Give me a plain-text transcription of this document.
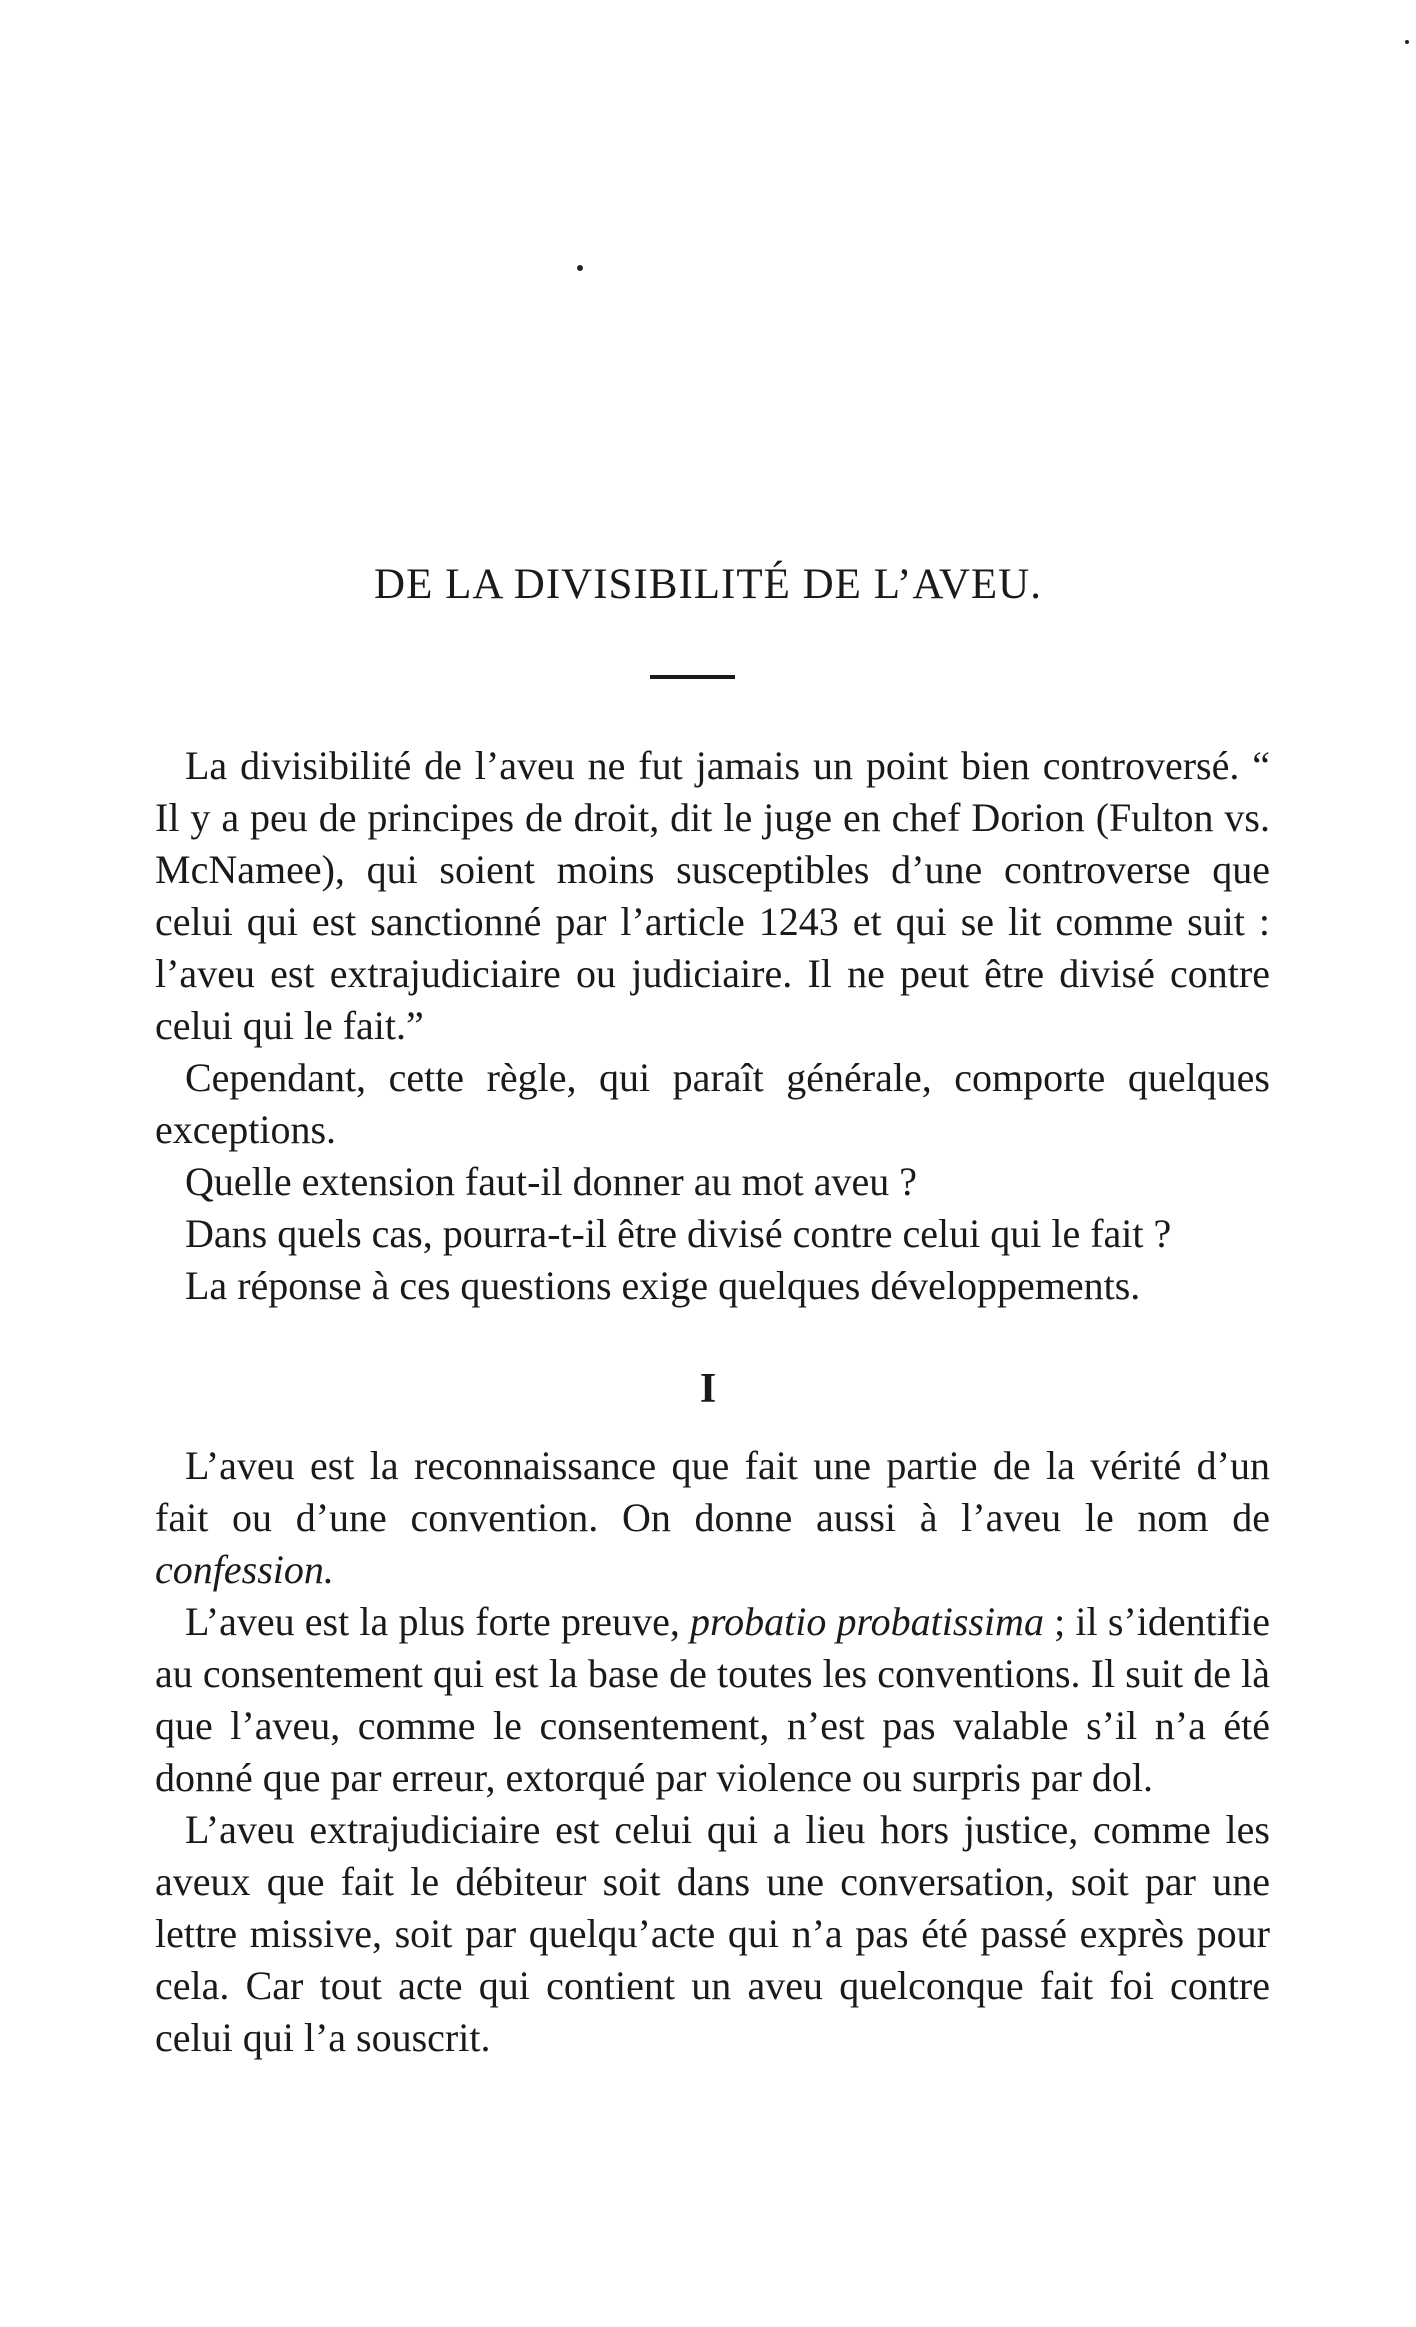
DE LA DIVISIBILITÉ DE L’AVEU.

La divisibilité de l’aveu ne fut jamais un point bien controversé. “ Il y a peu de principes de droit, dit le juge en chef Dorion (Fulton vs. McNamee), qui soient moins susceptibles d’une controverse que celui qui est sanctionné par l’article 1243 et qui se lit comme suit : l’aveu est extrajudiciaire ou judiciaire. Il ne peut être divisé contre celui qui le fait.”

Cependant, cette règle, qui paraît générale, comporte quelques exceptions.

Quelle extension faut-il donner au mot aveu ?

Dans quels cas, pourra-t-il être divisé contre celui qui le fait ?

La réponse à ces questions exige quelques développements.

I

L’aveu est la reconnaissance que fait une partie de la vérité d’un fait ou d’une convention. On donne aussi à l’aveu le nom de confession.

L’aveu est la plus forte preuve, probatio probatissima ; il s’identifie au consentement qui est la base de toutes les conventions. Il suit de là que l’aveu, comme le consentement, n’est pas valable s’il n’a été donné que par erreur, extorqué par violence ou surpris par dol.

L’aveu extrajudiciaire est celui qui a lieu hors justice, comme les aveux que fait le débiteur soit dans une conversation, soit par une lettre missive, soit par quelqu’acte qui n’a pas été passé exprès pour cela. Car tout acte qui contient un aveu quelconque fait foi contre celui qui l’a souscrit.
